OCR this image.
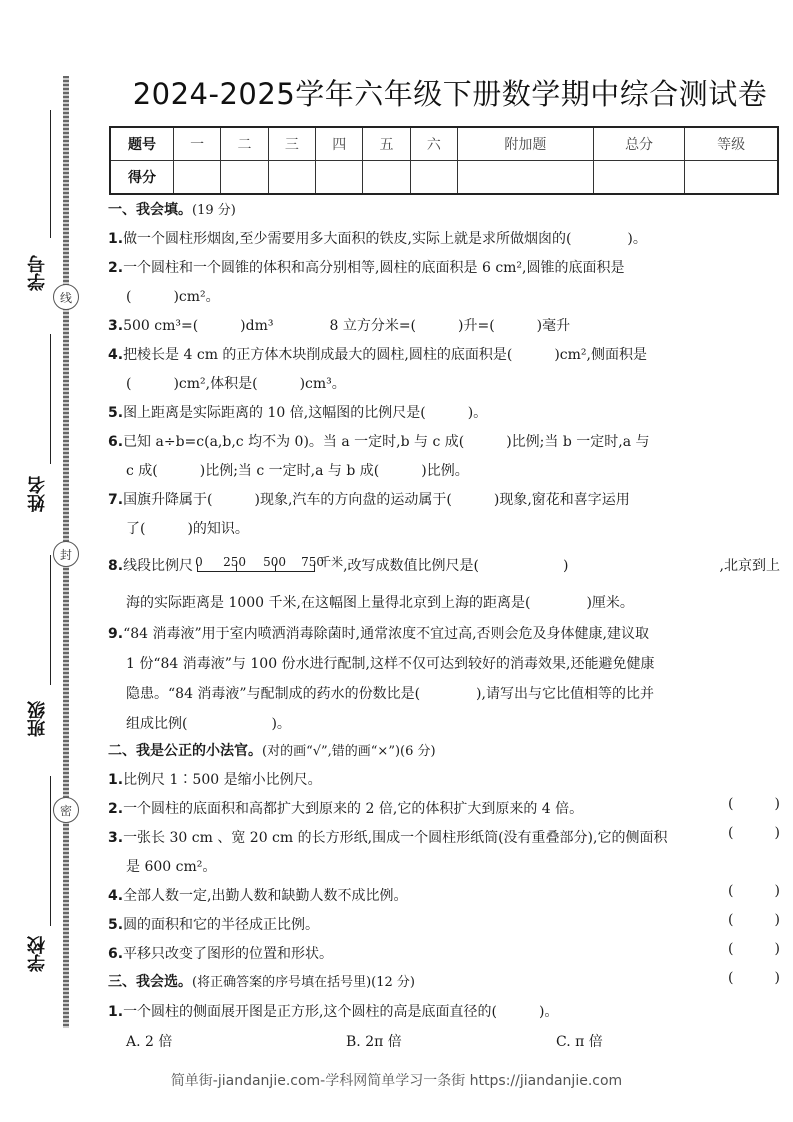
线
封
密
学号
姓名
班级
学校
2024-2025学年六年级下册数学期中综合测试卷
题号	一	二	三	四	五	六	附加题	总分	等级
得分									
一、我会填。(19 分)
1.做一个圆柱形烟囱,至少需要用多大面积的铁皮,实际上就是求所做烟囱的(　　　　)。
2.一个圆柱和一个圆锥的体积和高分别相等,圆柱的底面积是 6 cm²,圆锥的底面积是
(　　　)cm²。
3.500 cm³=(　　　)dm³　　　　8 立方分米=(　　　)升=(　　　)毫升
4.把棱长是 4 cm 的正方体木块削成最大的圆柱,圆柱的底面积是(　　　)cm²,侧面积是
(　　　)cm²,体积是(　　　)cm³。
5.图上距离是实际距离的 10 倍,这幅图的比例尺是(　　　)。
6.已知 a÷b=c(a,b,c 均不为 0)。当 a 一定时,b 与 c 成(　　　)比例;当 b 一定时,a 与
c 成(　　　)比例;当 c 一定时,a 与 b 成(　　　)比例。
7.国旗升降属于(　　　)现象,汽车的方向盘的运动属于(　　　)现象,窗花和喜字运用
了(　　　)的知识。
8.线段比例尺 0 250 500 750
千米,改写成数值比例尺是(　　　　　　)	,北京到上
海的实际距离是 1000 千米,在这幅图上量得北京到上海的距离是(　　　　)厘米。
9.“84 消毒液”用于室内喷洒消毒除菌时,通常浓度不宜过高,否则会危及身体健康,建议取
1 份“84 消毒液”与 100 份水进行配制,这样不仅可达到较好的消毒效果,还能避免健康
隐患。“84 消毒液”与配制成的药水的份数比是(　　　　),请写出与它比值相等的比并
组成比例(　　　　　　)。
二、我是公正的小法官。(对的画“√”,错的画“×”)(6 分)
1.比例尺 1∶500 是缩小比例尺。
(	)
2.一个圆柱的底面积和高都扩大到原来的 2 倍,它的体积扩大到原来的 4 倍。
(	)
3.一张长 30 cm 、宽 20 cm 的长方形纸,围成一个圆柱形纸筒(没有重叠部分),它的侧面积
是 600 cm²。
(	)
4.全部人数一定,出勤人数和缺勤人数不成比例。
(	)
5.圆的面积和它的半径成正比例。
(	)
6.平移只改变了图形的位置和形状。
(	)
三、我会选。(将正确答案的序号填在括号里)(12 分)
1.一个圆柱的侧面展开图是正方形,这个圆柱的高是底面直径的(　　　)。
A. 2 倍	B. 2π 倍	C. π 倍
简单街-jiandanjie.com-学科网简单学习一条街 https://jiandanjie.com
